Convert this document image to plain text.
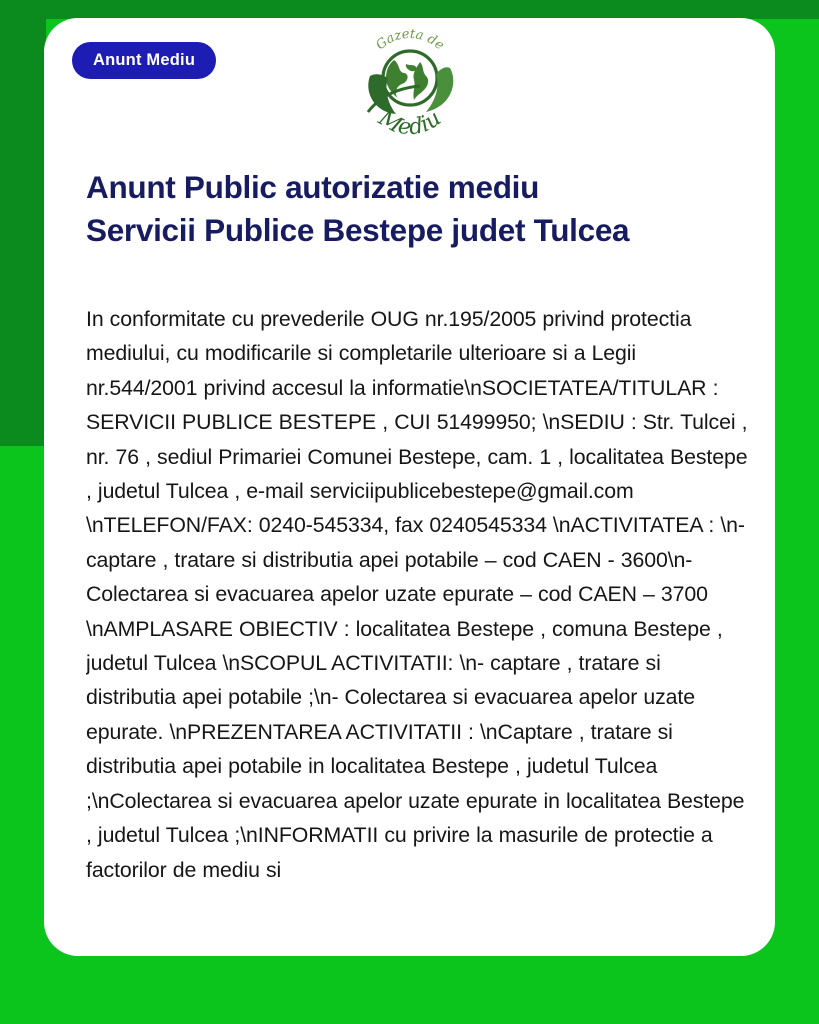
Anunt Mediu
Gazeta de
Mediu
Anunt Public autorizatie mediu
Servicii Publice Bestepe judet Tulcea
In conformitate cu prevederile OUG nr.195/2005 privind protectia mediului, cu modificarile si completarile ulterioare si a Legii nr.544/2001 privind accesul la informatie\nSOCIETATEA/TITULAR : SERVICII PUBLICE BESTEPE , CUI 51499950; \nSEDIU : Str. Tulcei , nr. 76 , sediul Primariei Comunei Bestepe, cam. 1 , localitatea Bestepe , judetul Tulcea , e-mail serviciipublicebestepe@gmail.com \nTELEFON/FAX: 0240-545334, fax 0240545334 \nACTIVITATEA : \n- captare , tratare si distributia apei potabile – cod CAEN - 3600\n- Colectarea si evacuarea apelor uzate epurate – cod CAEN – 3700 \nAMPLASARE OBIECTIV : localitatea Bestepe , comuna Bestepe , judetul Tulcea \nSCOPUL ACTIVITATII: \n- captare , tratare si distributia apei potabile ;\n- Colectarea si evacuarea apelor uzate epurate. \nPREZENTAREA ACTIVITATII : \nCaptare , tratare si distributia apei potabile in localitatea Bestepe , judetul Tulcea ;\nColectarea si evacuarea apelor uzate epurate in localitatea Bestepe , judetul Tulcea ;\nINFORMATII cu privire la masurile de protectie a factorilor de mediu si
